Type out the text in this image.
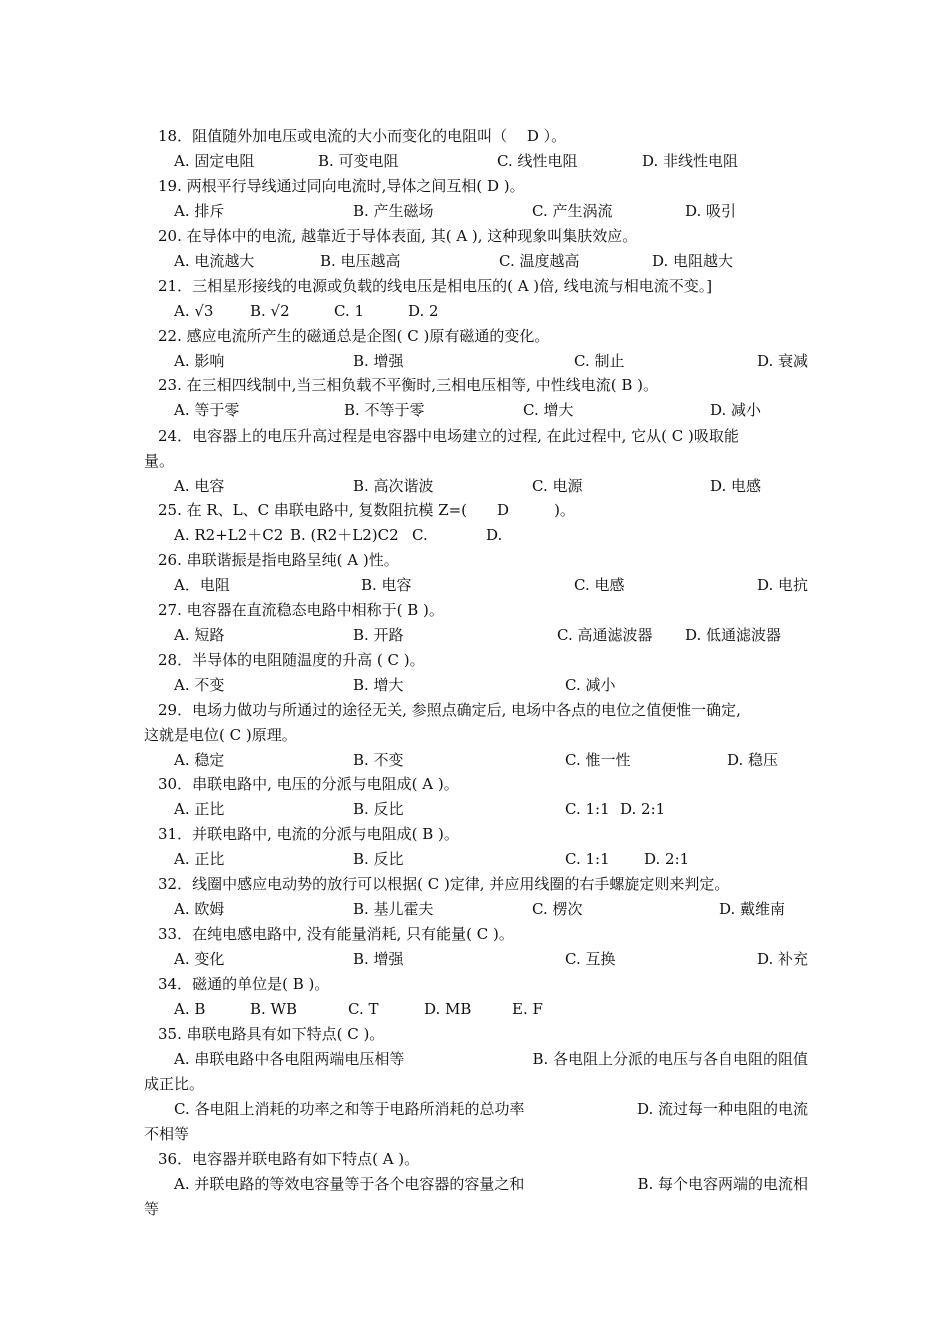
18．阻值随外加电压或电流的大小而变化的电阻叫（　 D ）。
A. 固定电阻	B. 可变电阻	C. 线性电阻	D. 非线性电阻
19. 两根平行导线通过同向电流时,导体之间互相( D )。
A. 排斥	B. 产生磁场	C. 产生涡流	D. 吸引
20. 在导体中的电流, 越靠近于导体表面, 其( A ), 这种现象叫集肤效应。
A. 电流越大	B. 电压越高	C. 温度越高	D. 电阻越大
21．三相星形接线的电源或负载的线电压是相电压的( A )倍, 线电流与相电流不变。]
A. √3 B. √2	C. 1	D. 2
22. 感应电流所产生的磁通总是企图( C )原有磁通的变化。
A. 影响	B. 增强	C. 制止	D. 衰减
23. 在三相四线制中,当三相负载不平衡时,三相电压相等, 中性线电流( B )。
A. 等于零	B. 不等于零	C. 增大	D. 减小
24．电容器上的电压升高过程是电容器中电场建立的过程, 在此过程中, 它从( C )吸取能
量。
A. 电容	B. 高次谐波	C. 电源	D. 电感
25. 在 R、L、C 串联电路中, 复数阻抗模 Z=(　　D　　　)。
A. R2+L2＋C2 B. (R2＋L2)C2 C.	D.
26. 串联谐振是指电路呈纯( A )性。
A．电阻	B. 电容	C. 电感	D. 电抗
27. 电容器在直流稳态电路中相称于( B )。
A. 短路	B. 开路	C. 高通滤波器 D. 低通滤波器
28．半导体的电阻随温度的升高 ( C )。
A. 不变	B. 增大	C. 减小
29．电场力做功与所通过的途径无关, 参照点确定后, 电场中各点的电位之值便惟一确定,
这就是电位( C )原理。
A. 稳定	B. 不变	C. 惟一性	D. 稳压
30．串联电路中, 电压的分派与电阻成( A )。
A. 正比	B. 反比	C. 1:1 D. 2:1
31．并联电路中, 电流的分派与电阻成( B )。
A. 正比	B. 反比	C. 1:1 D. 2:1
32．线圈中感应电动势的放行可以根据( C )定律, 并应用线圈的右手螺旋定则来判定。
A. 欧姆	B. 基儿霍夫	C. 楞次	D. 戴维南
33．在纯电感电路中, 没有能量消耗, 只有能量( C )。
A. 变化	B. 增强	C. 互换	D. 补充
34．磁通的单位是( B )。
A. B	B. WB	C. T	D. MB	E. F
35. 串联电路具有如下特点( C )。
A. 串联电路中各电阻两端电压相等	B. 各电阻上分派的电压与各自电阻的阻值
成正比。
C. 各电阻上消耗的功率之和等于电路所消耗的总功率	D. 流过每一种电阻的电流
不相等
36．电容器并联电路有如下特点( A )。
A. 并联电路的等效电容量等于各个电容器的容量之和	B. 每个电容两端的电流相
等
